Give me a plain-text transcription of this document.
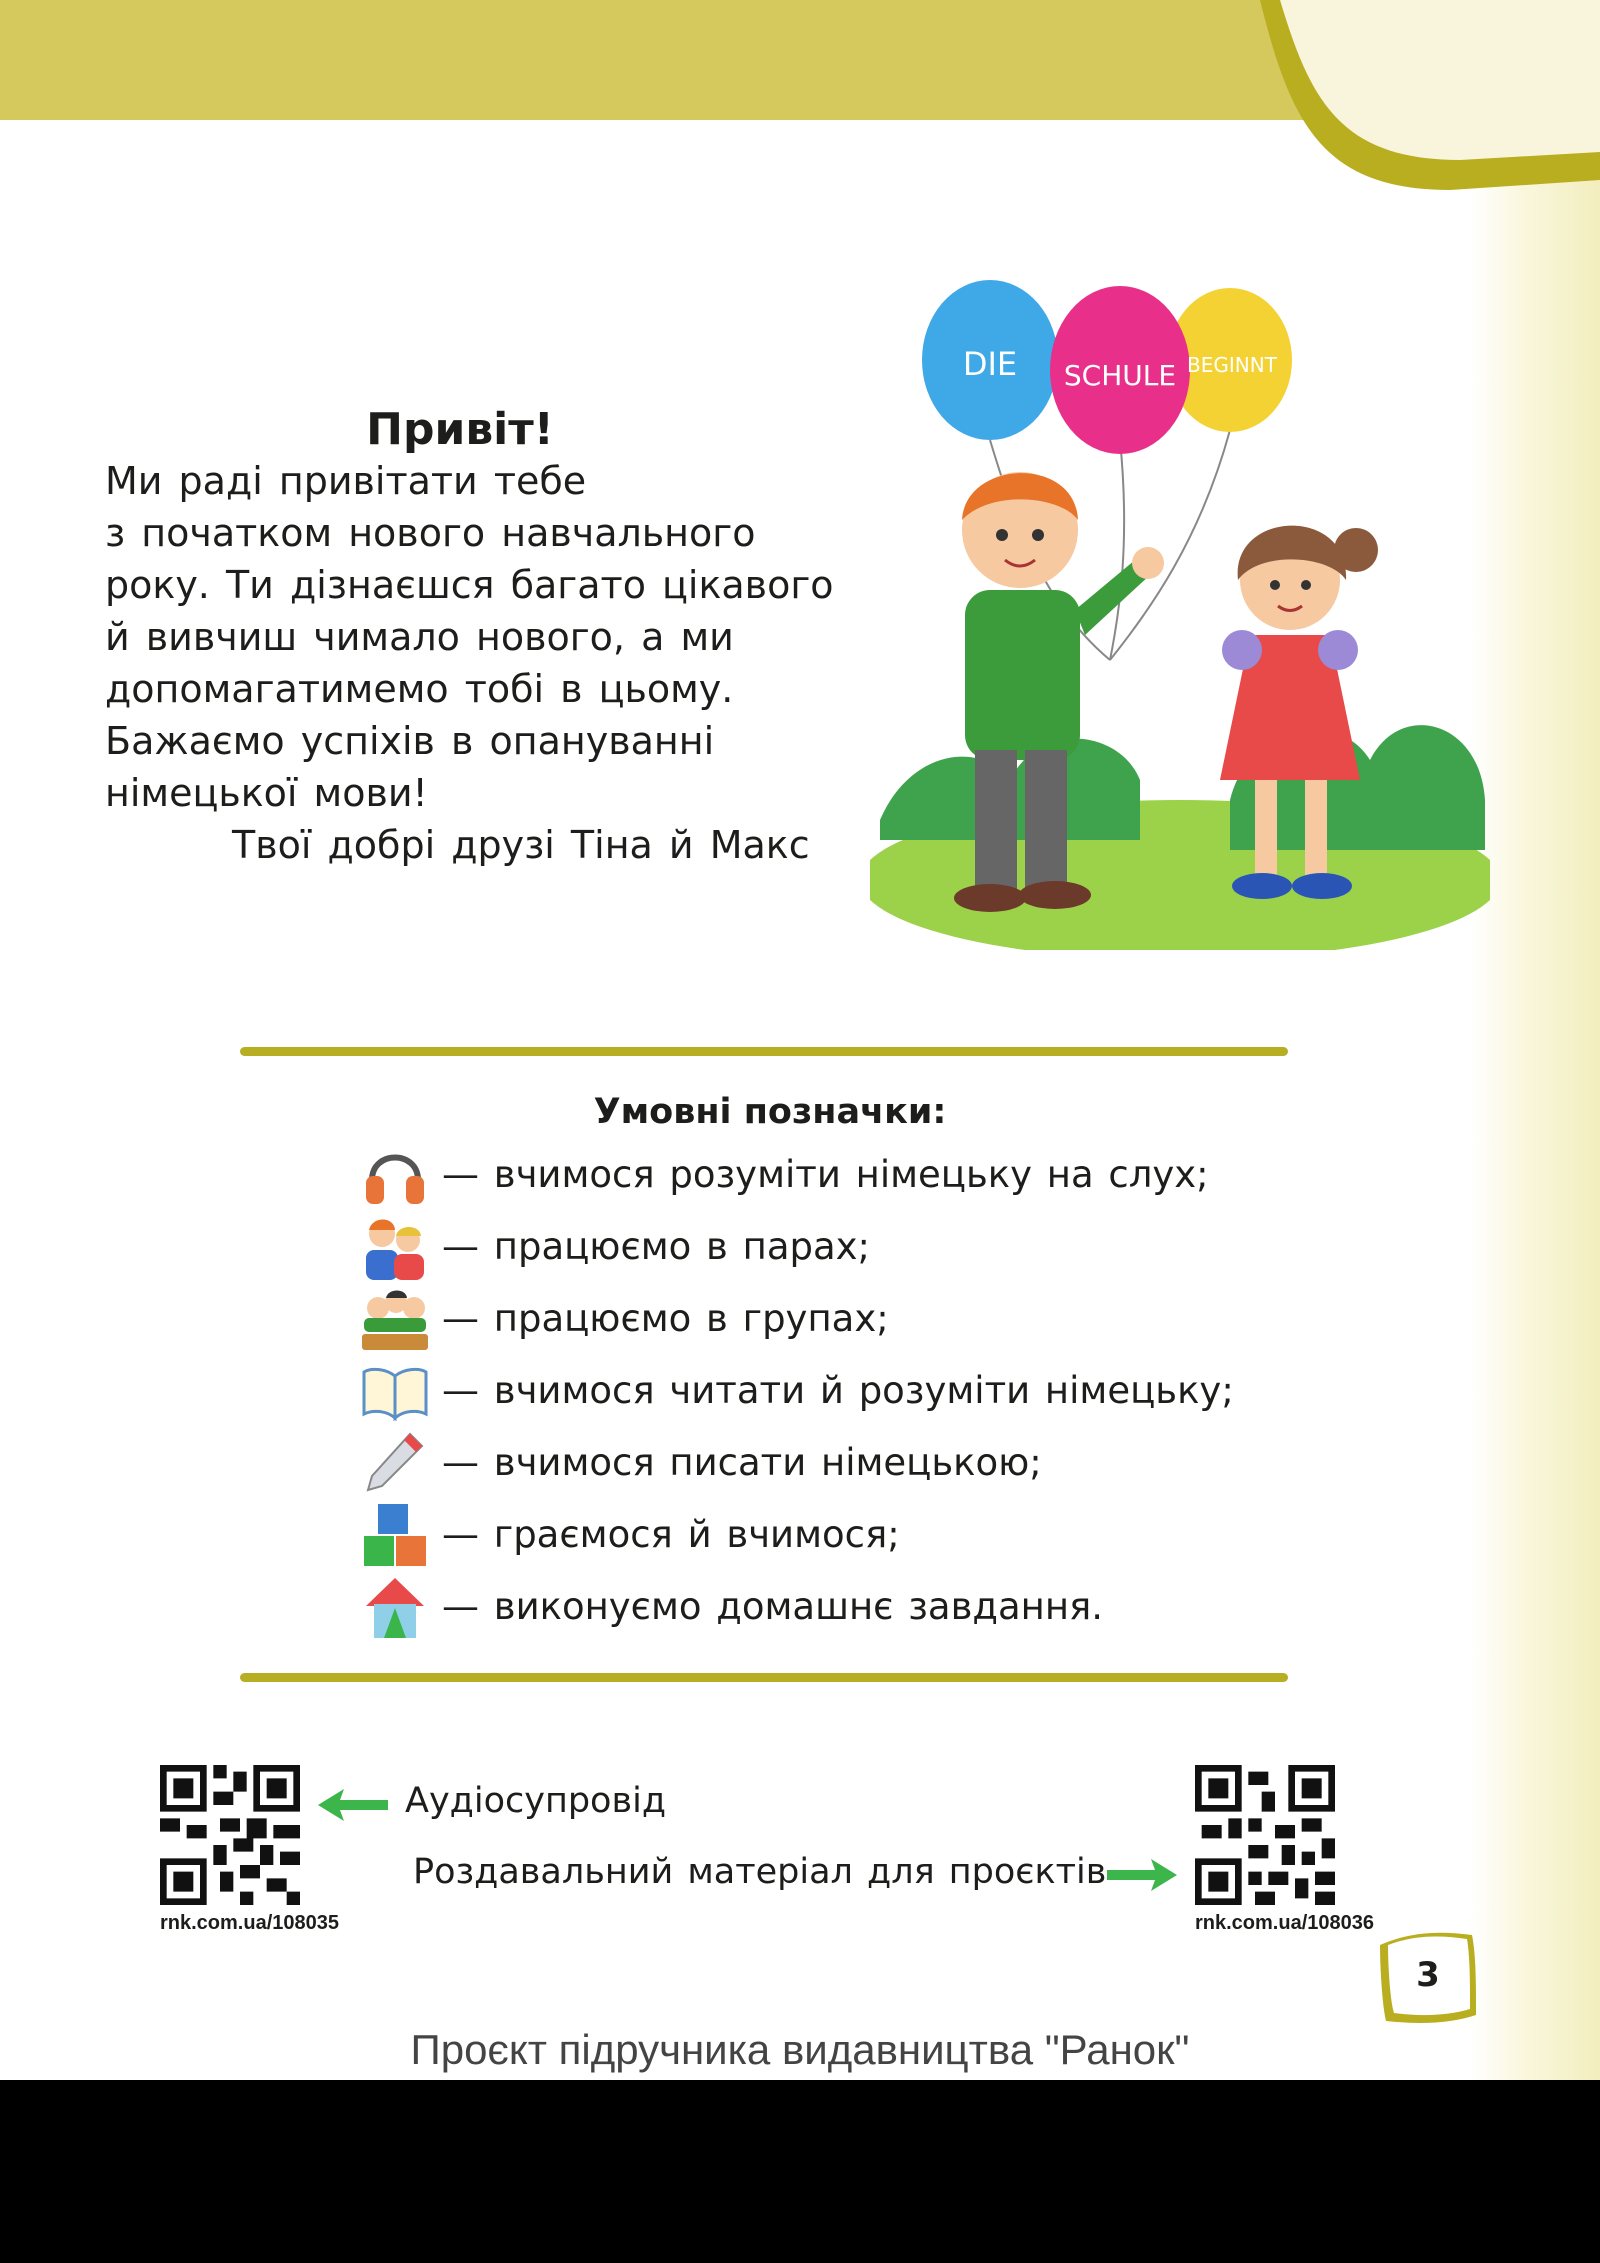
Привіт!
Ми раді привітати тебе
з початком нового навчального
року. Ти дізнаєшся багато цікавого
й вивчиш чимало нового, а ми
допомагатимемо тобі в цьому.
Бажаємо успіхів в опануванні
німецької мови!
Твої добрі друзі Тіна й Макс
DIE SCHULE BEGINNT
Умовні позначки:
— вчимося розуміти німецьку на слух;
— працюємо в парах;
— працюємо в групах;
— вчимося читати й розуміти німецьку;
— вчимося писати німецькою;
— граємося й вчимося;
— виконуємо домашнє завдання.
rnk.com.ua/108035
Аудіосупровід
rnk.com.ua/108036
Роздавальний матеріал для проєктів
3
Проєкт підручника видавництва "Ранок"
